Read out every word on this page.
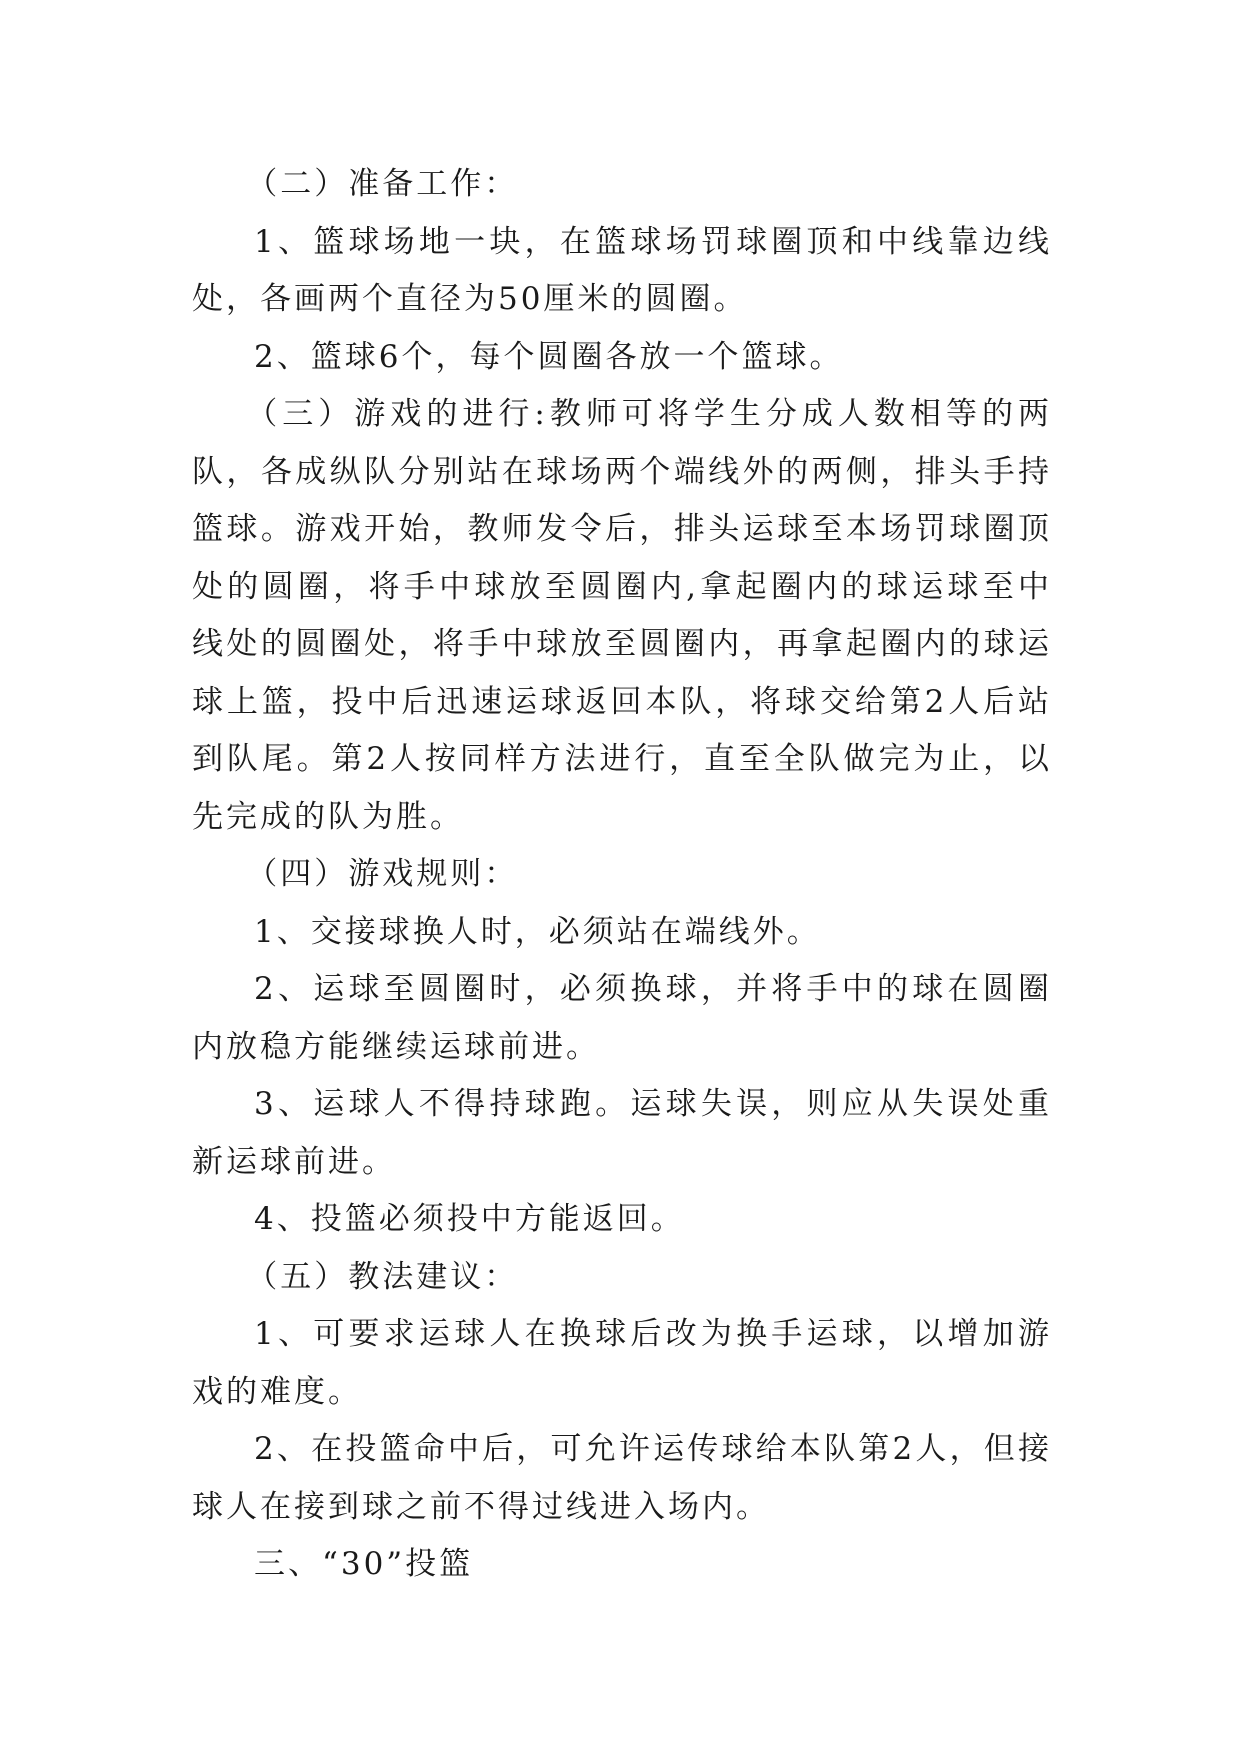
（二）准备工作：

1、篮球场地一块，在篮球场罚球圈顶和中线靠边线处，各画两个直径为50厘米的圆圈。

2、篮球6个，每个圆圈各放一个篮球。

（三）游戏的进行:教师可将学生分成人数相等的两队，各成纵队分别站在球场两个端线外的两侧，排头手持篮球。游戏开始，教师发令后，排头运球至本场罚球圈顶处的圆圈，将手中球放至圆圈内,拿起圈内的球运球至中线处的圆圈处，将手中球放至圆圈内，再拿起圈内的球运球上篮，投中后迅速运球返回本队，将球交给第2人后站到队尾。第2人按同样方法进行，直至全队做完为止，以先完成的队为胜。

（四）游戏规则：

1、交接球换人时，必须站在端线外。

2、运球至圆圈时，必须换球，并将手中的球在圆圈内放稳方能继续运球前进。

3、运球人不得持球跑。运球失误，则应从失误处重新运球前进。

4、投篮必须投中方能返回。

（五）教法建议：

1、可要求运球人在换球后改为换手运球，以增加游戏的难度。

2、在投篮命中后，可允许运传球给本队第2人，但接球人在接到球之前不得过线进入场内。

三、“30”投篮
